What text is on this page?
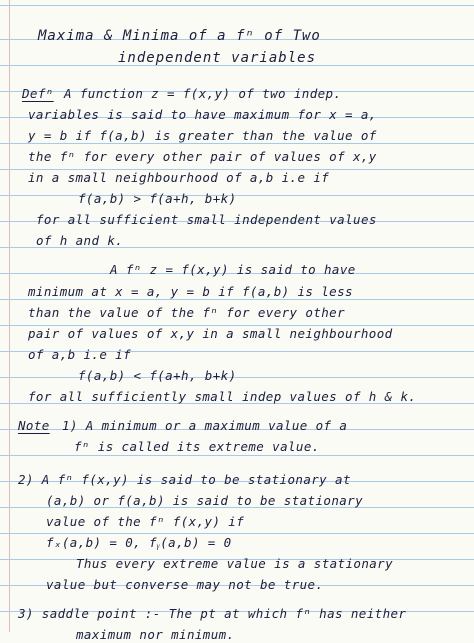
Maxima & Minima of a fⁿ of Two
independent variables
Defⁿ A function z = f(x,y) of two indep.
variables is said to have maximum for x = a,
y = b if f(a,b) is greater than the value of
the fⁿ for every other pair of values of x,y
in a small neighbourhood of a,b i.e if
f(a,b) > f(a+h, b+k)
for all sufficient small independent values
of h and k.
A fⁿ z = f(x,y) is said to have
minimum at x = a, y = b if f(a,b) is less
than the value of the fⁿ for every other
pair of values of x,y in a small neighbourhood
of a,b i.e if
f(a,b) < f(a+h, b+k)
for all sufficiently small indep values of h & k.
Note 1) A minimum or a maximum value of a
fⁿ is called its extreme value.
2) A fⁿ f(x,y) is said to be stationary at
(a,b) or f(a,b) is said to be stationary
value of the fⁿ f(x,y) if
fₓ(a,b) = 0, fᵧ(a,b) = 0
Thus every extreme value is a stationary
value but converse may not be true.
3) saddle point :- The pt at which fⁿ has neither
maximum nor minimum.
